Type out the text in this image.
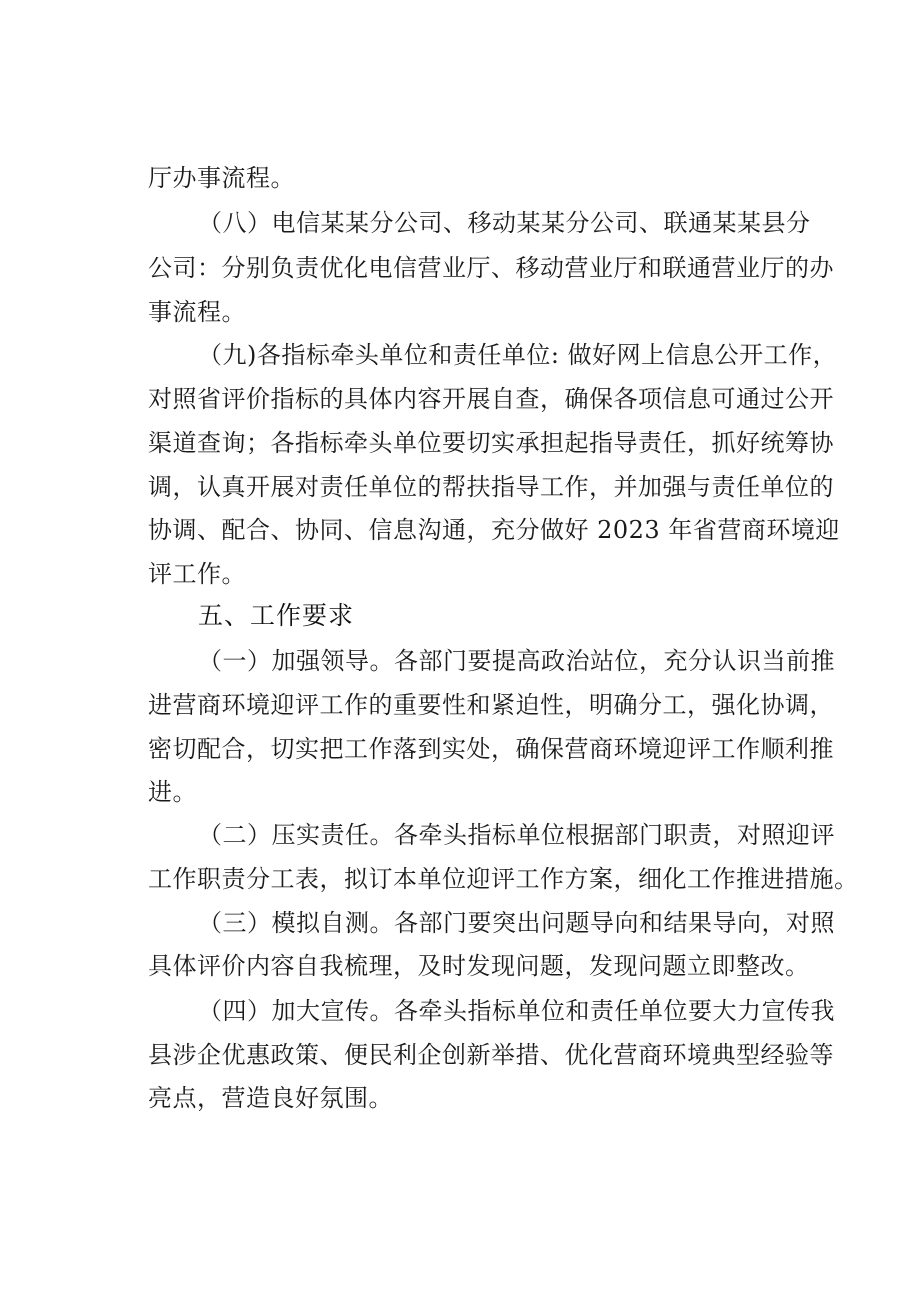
厅办事流程。
（八）电信某某分公司、移动某某分公司、联通某某县分
公司：分别负责优化电信营业厅、移动营业厅和联通营业厅的办
事流程。
（九)各指标牵头单位和责任单位: 做好网上信息公开工作，
对照省评价指标的具体内容开展自查，确保各项信息可通过公开
渠道查询；各指标牵头单位要切实承担起指导责任，抓好统筹协
调，认真开展对责任单位的帮扶指导工作，并加强与责任单位的
协调、配合、协同、信息沟通，充分做好 2023 年省营商环境迎
评工作。
五、工作要求
（一）加强领导。各部门要提高政治站位，充分认识当前推
进营商环境迎评工作的重要性和紧迫性，明确分工，强化协调，
密切配合，切实把工作落到实处，确保营商环境迎评工作顺利推
进。
（二）压实责任。各牵头指标单位根据部门职责，对照迎评
工作职责分工表，拟订本单位迎评工作方案，细化工作推进措施。
（三）模拟自测。各部门要突出问题导向和结果导向，对照
具体评价内容自我梳理，及时发现问题，发现问题立即整改。
（四）加大宣传。各牵头指标单位和责任单位要大力宣传我
县涉企优惠政策、便民利企创新举措、优化营商环境典型经验等
亮点，营造良好氛围。
